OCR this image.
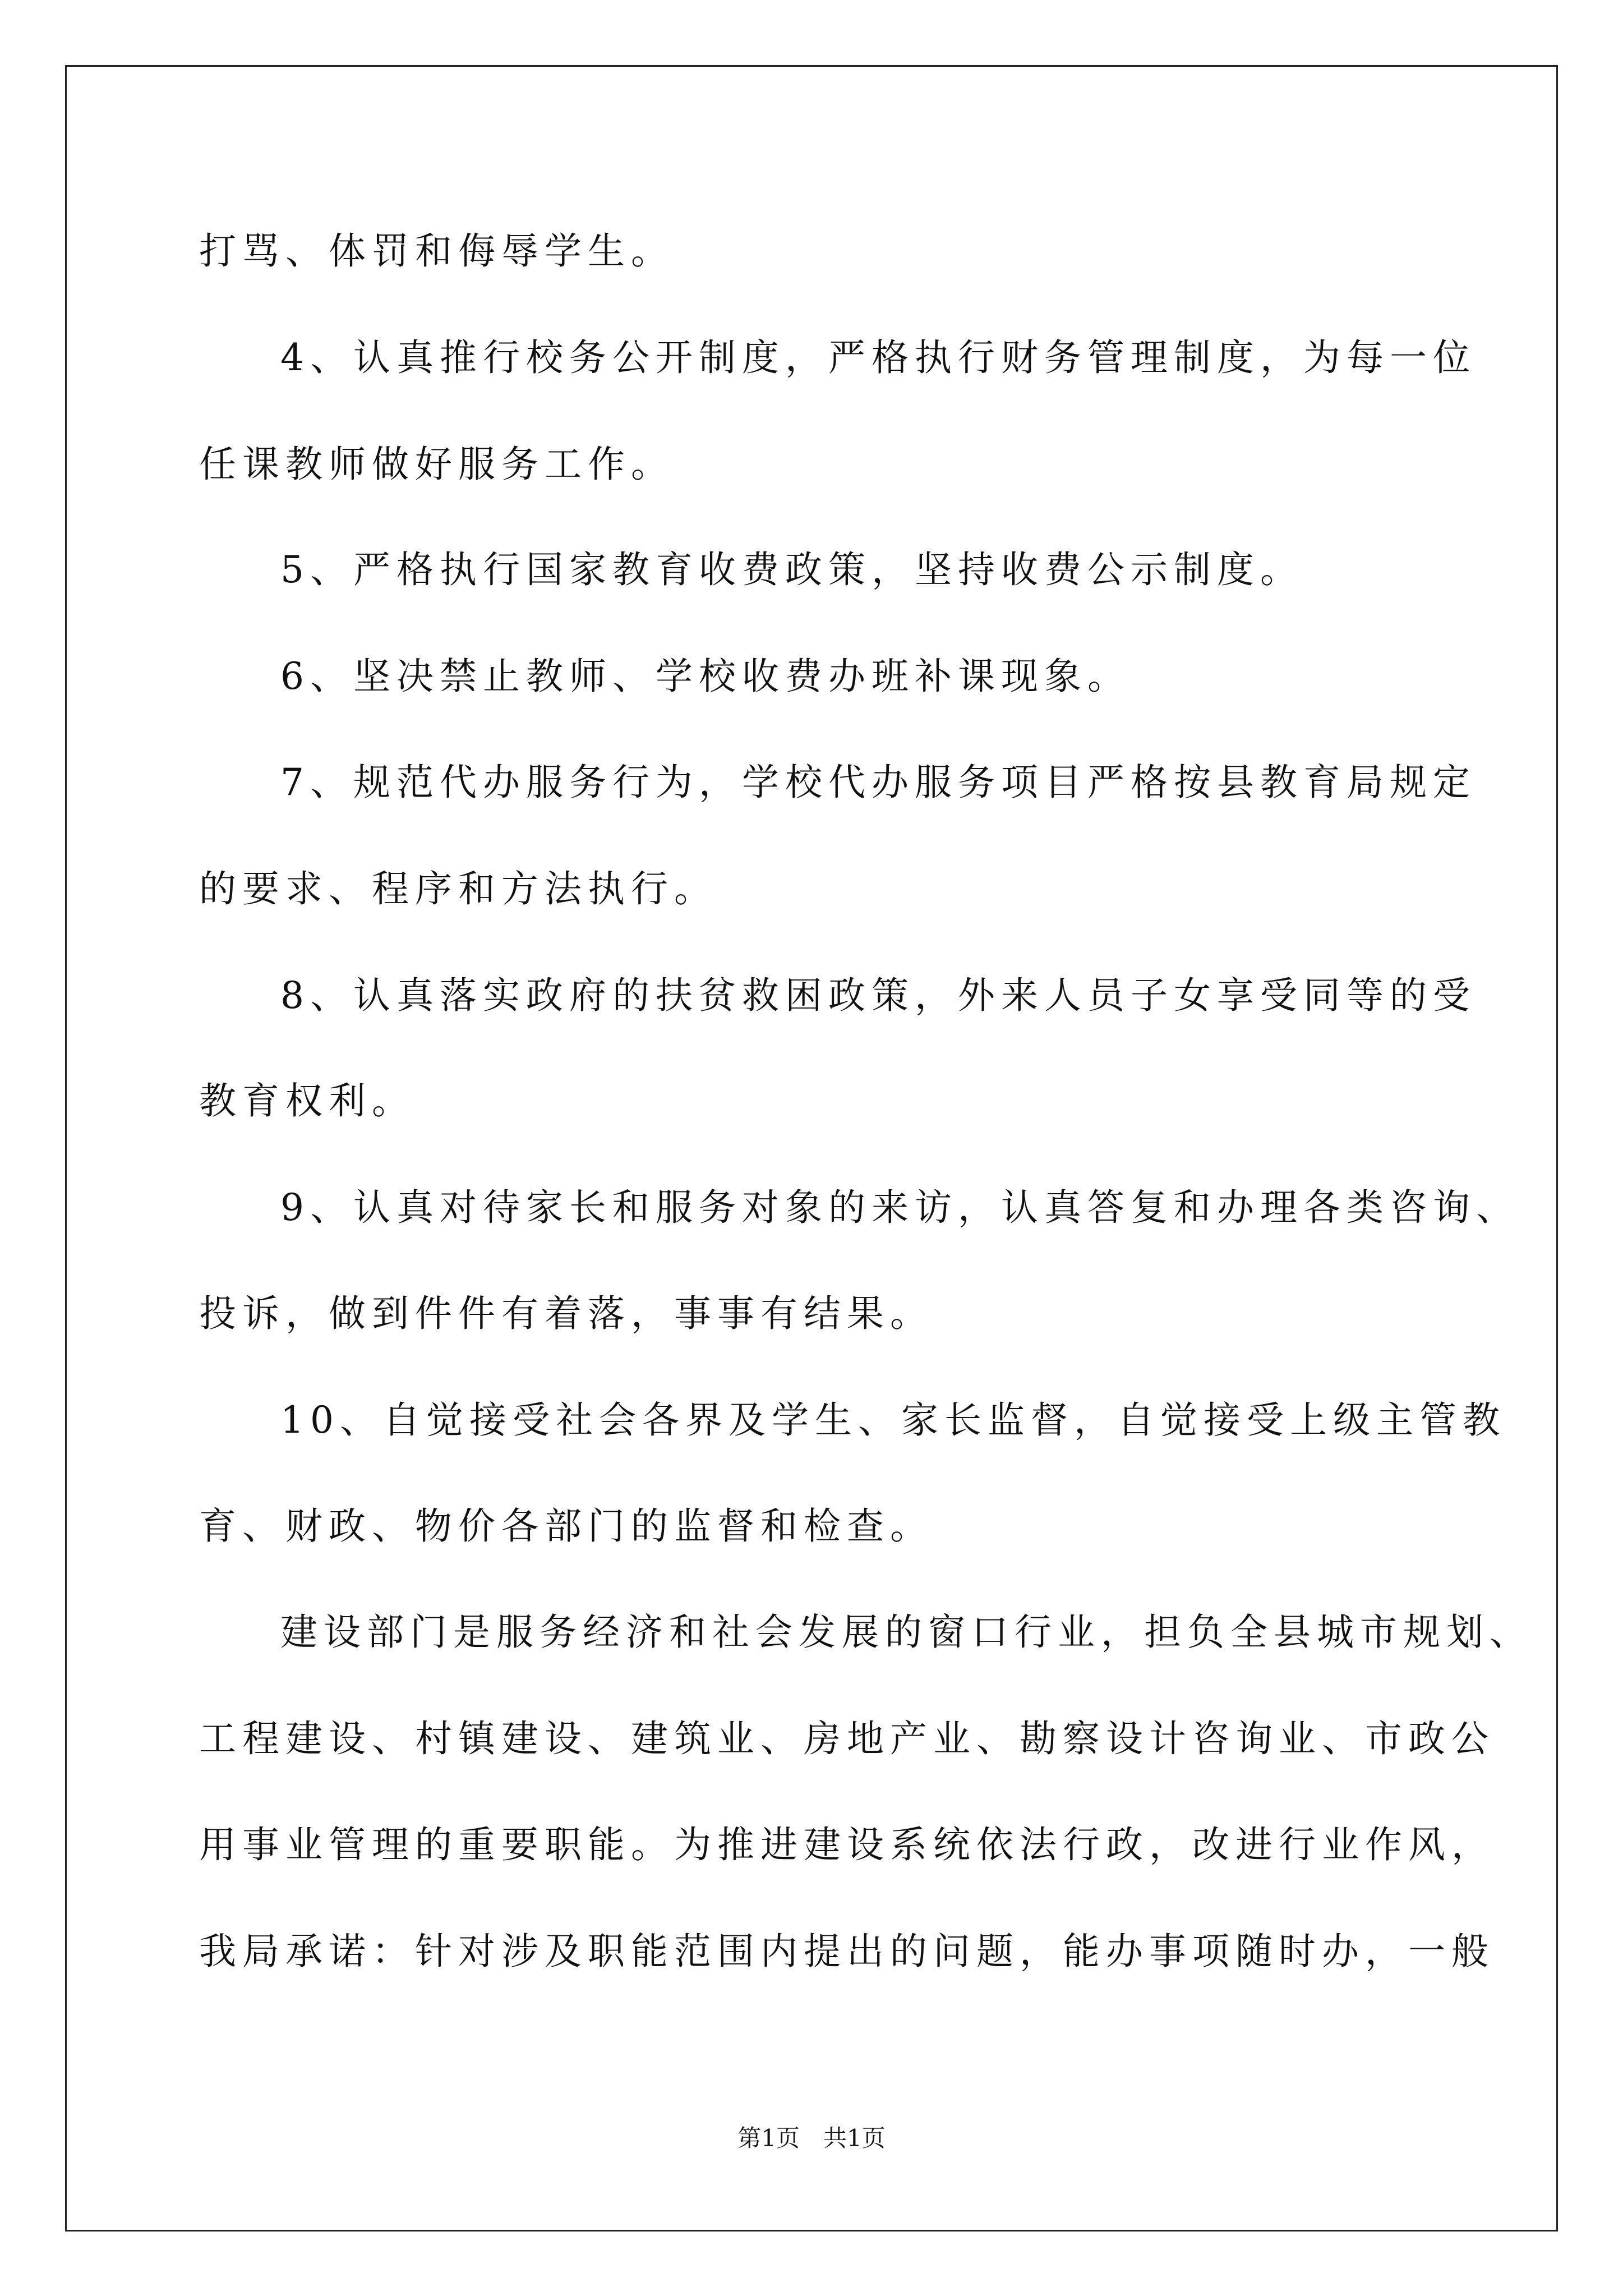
打骂、体罚和侮辱学生。
4、认真推行校务公开制度，严格执行财务管理制度，为每一位
任课教师做好服务工作。
5、严格执行国家教育收费政策，坚持收费公示制度。
6、坚决禁止教师、学校收费办班补课现象。
7、规范代办服务行为，学校代办服务项目严格按县教育局规定
的要求、程序和方法执行。
8、认真落实政府的扶贫救困政策，外来人员子女享受同等的受
教育权利。
9、认真对待家长和服务对象的来访，认真答复和办理各类咨询、
投诉，做到件件有着落，事事有结果。
10、自觉接受社会各界及学生、家长监督，自觉接受上级主管教
育、财政、物价各部门的监督和检查。
建设部门是服务经济和社会发展的窗口行业，担负全县城市规划、
工程建设、村镇建设、建筑业、房地产业、勘察设计咨询业、市政公
用事业管理的重要职能。为推进建设系统依法行政，改进行业作风，
我局承诺：针对涉及职能范围内提出的问题，能办事项随时办，一般
第1页　共1页
